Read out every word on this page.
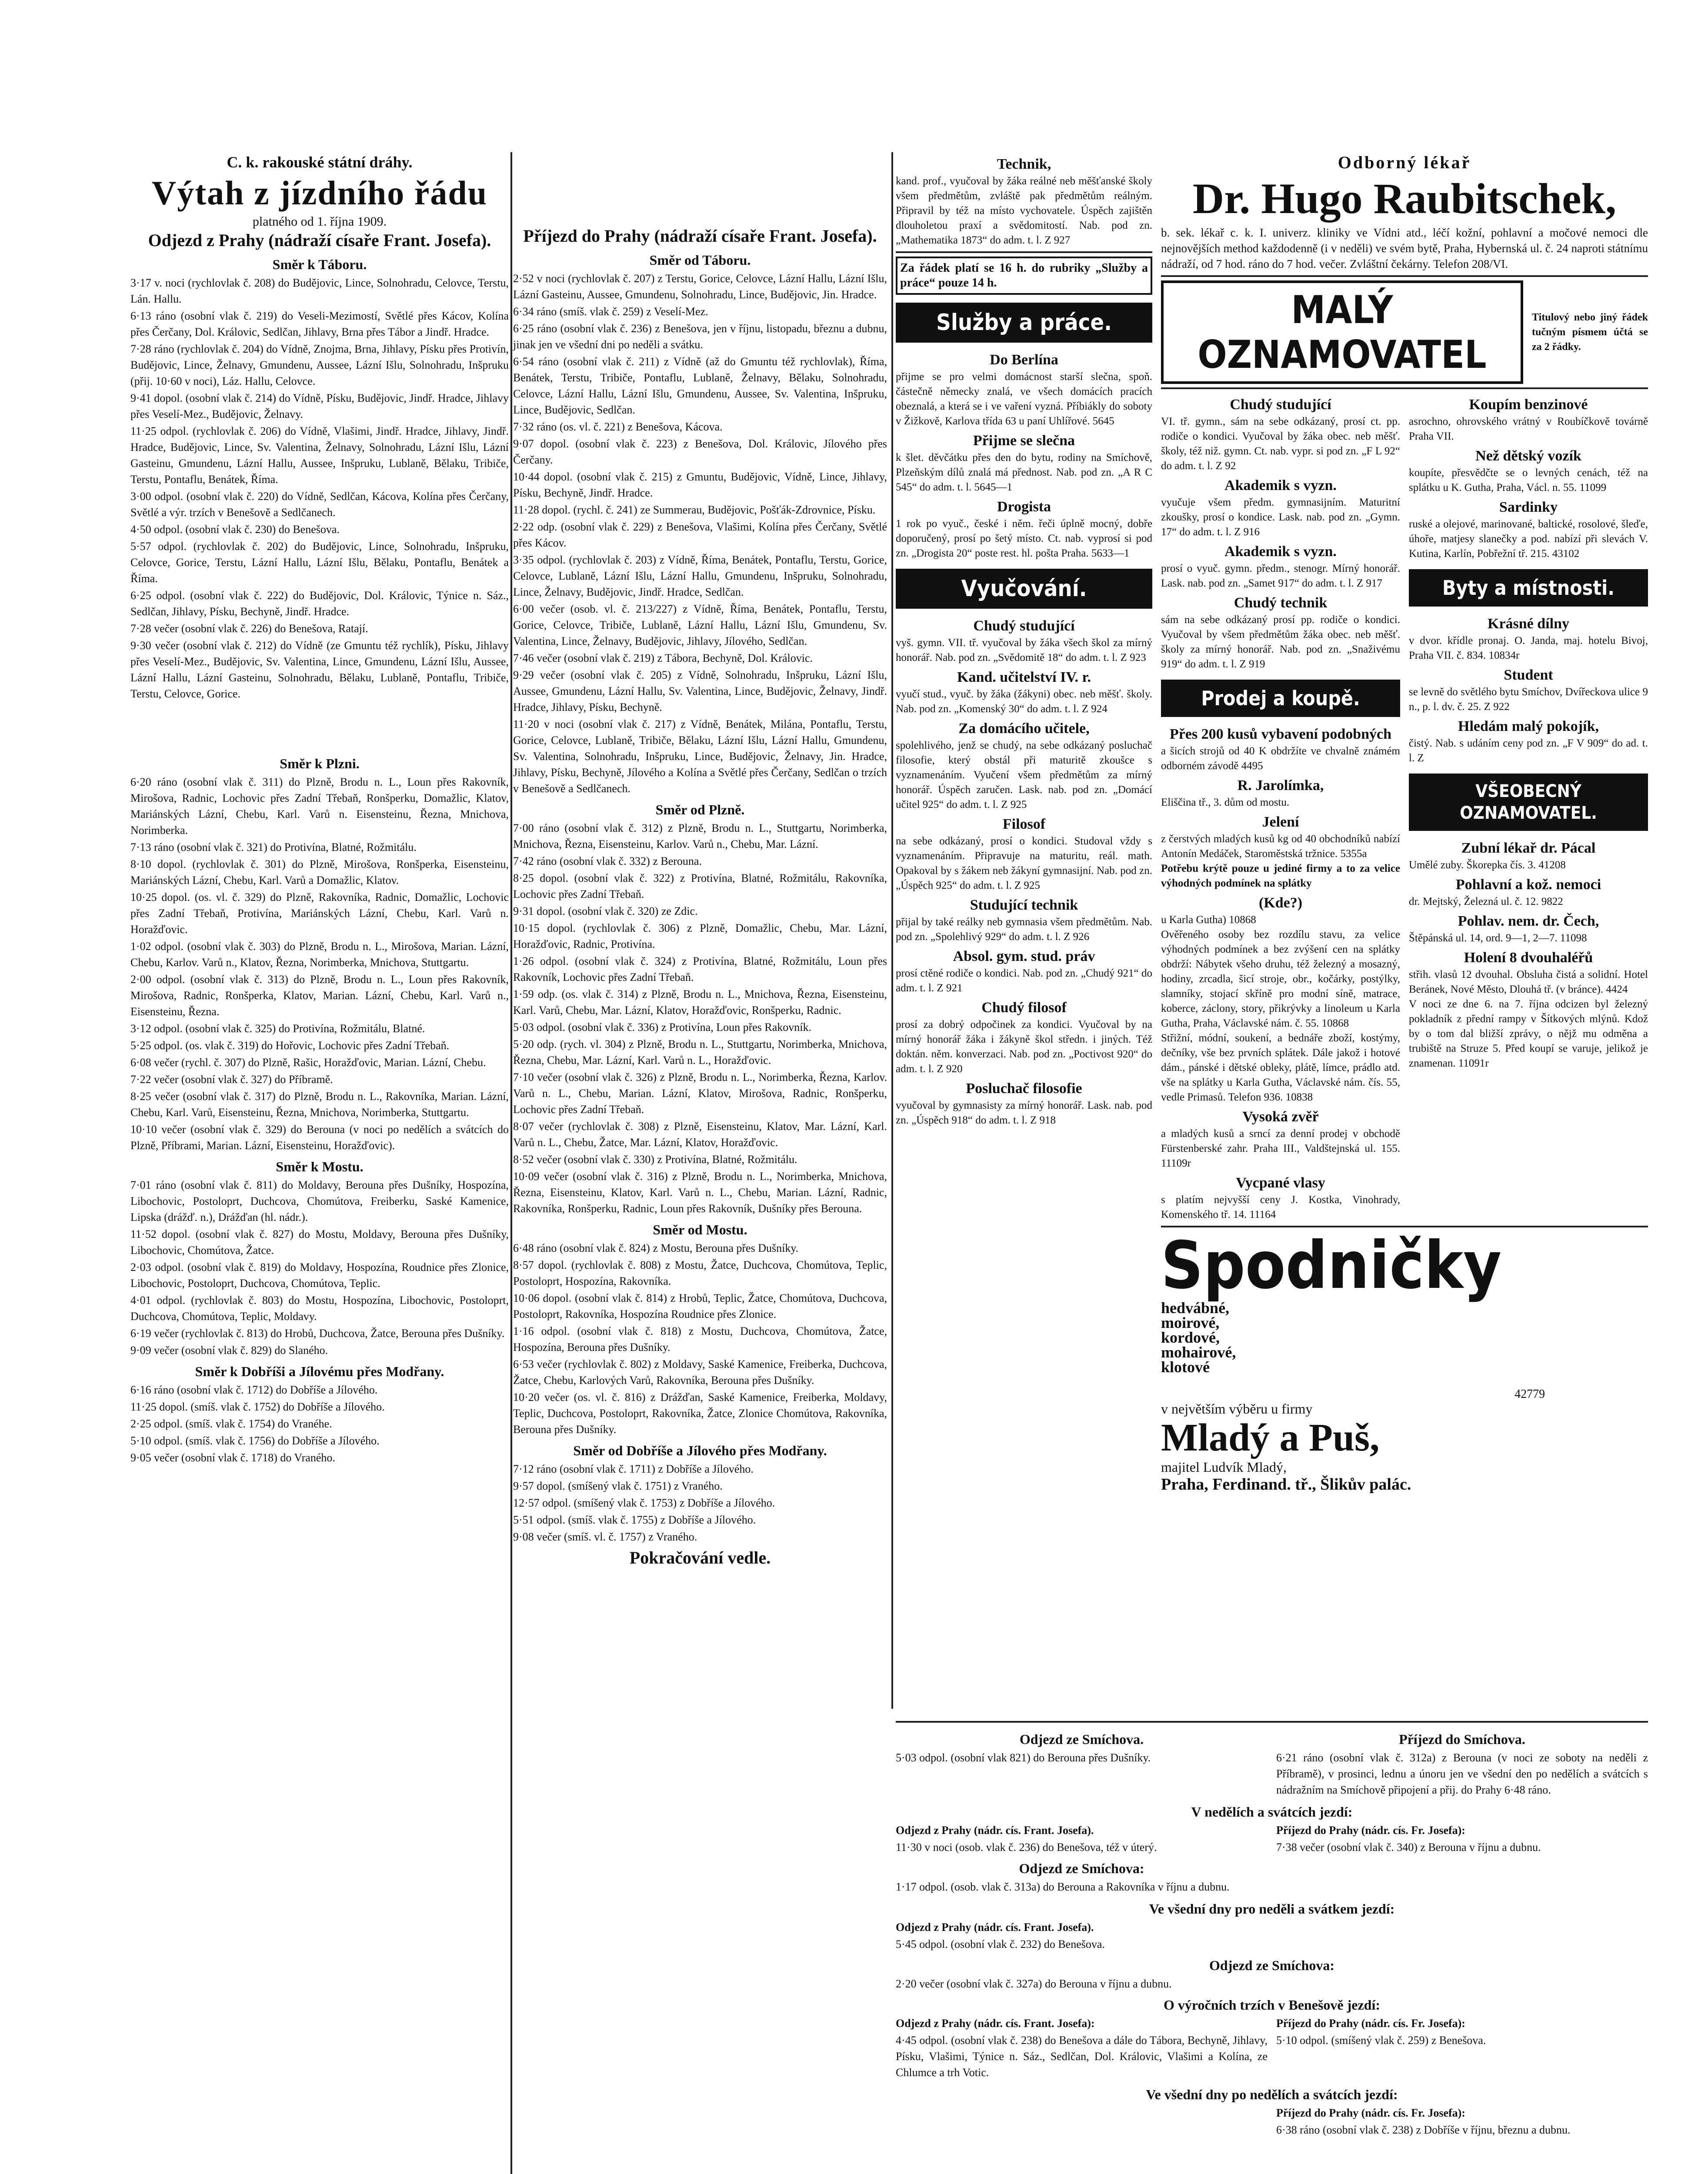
C. k. rakouské státní dráhy.
Výtah z jízdního řádu
platného od 1. října 1909.
Odjezd z Prahy (nádraží císaře Frant. Josefa).
Směr k Táboru.
3·17 v. noci (rychlovlak č. 208) do Budějovic, Lince, Solnohradu, Celovce, Terstu, Lán. Hallu.
6·13 ráno (osobní vlak č. 219) do Veseli-Mezimostí, Světlé přes Kácov, Kolína přes Čerčany, Dol. Královic, Sedlčan, Jihlavy, Brna přes Tábor a Jindř. Hradce.
7·28 ráno (rychlovlak č. 204) do Vídně, Znojma, Brna, Jihlavy, Písku přes Protivín, Budějovic, Lince, Želnavy, Gmundenu, Aussee, Lázní Išlu, Solnohradu, Inšpruku (přij. 10·60 v noci), Láz. Hallu, Celovce.
9·41 dopol. (osobní vlak č. 214) do Vídně, Písku, Budějovic, Jindř. Hradce, Jihlavy přes Veselí-Mez., Budějovic, Želnavy.
11·25 odpol. (rychlovlak č. 206) do Vídně, Vlašimi, Jindř. Hradce, Jihlavy, Jindř. Hradce, Budějovic, Lince, Sv. Valentina, Želnavy, Solnohradu, Lázní Išlu, Lázní Gasteinu, Gmundenu, Lázní Hallu, Aussee, Inšpruku, Lublaně, Bělaku, Tribiče, Terstu, Pontaflu, Benátek, Říma.
3·00 odpol. (osobní vlak č. 220) do Vídně, Sedlčan, Kácova, Kolína přes Čerčany, Světlé a výr. trzích v Benešově a Sedlčanech.
4·50 odpol. (osobní vlak č. 230) do Benešova.
5·57 odpol. (rychlovlak č. 202) do Budějovic, Lince, Solnohradu, Inšpruku, Celovce, Gorice, Terstu, Lázní Hallu, Lázní Išlu, Bělaku, Pontaflu, Benátek a Říma.
6·25 odpol. (osobní vlak č. 222) do Budějovic, Dol. Královic, Týnice n. Sáz., Sedlčan, Jihlavy, Písku, Bechyně, Jindř. Hradce.
7·28 večer (osobní vlak č. 226) do Benešova, Ratají.
9·30 večer (osobní vlak č. 212) do Vídně (ze Gmuntu též rychlík), Písku, Jihlavy přes Veselí-Mez., Budějovic, Sv. Valentina, Lince, Gmundenu, Lázní Išlu, Aussee, Lázní Hallu, Lázní Gasteinu, Solnohradu, Bělaku, Lublaně, Pontaflu, Tribiče, Terstu, Celovce, Gorice.
Směr k Plzni.
6·20 ráno (osobní vlak č. 311) do Plzně, Brodu n. L., Loun přes Rakovník, Mirošova, Radnic, Lochovic přes Zadní Třebaň, Ronšperku, Domažlic, Klatov, Mariánských Lázní, Chebu, Karl. Varů n. Eisensteinu, Řezna, Mnichova, Norimberka.
7·13 ráno (osobní vlak č. 321) do Protivína, Blatné, Rožmitálu.
8·10 dopol. (rychlovlak č. 301) do Plzně, Mirošova, Ronšperka, Eisensteinu, Mariánských Lázní, Chebu, Karl. Varů a Domažlic, Klatov.
10·25 dopol. (os. vl. č. 329) do Plzně, Rakovníka, Radnic, Domažlic, Lochovic přes Zadní Třebaň, Protivína, Mariánských Lázní, Chebu, Karl. Varů n. Horažďovic.
1·02 odpol. (osobní vlak č. 303) do Plzně, Brodu n. L., Mirošova, Marian. Lázní, Chebu, Karlov. Varů n., Klatov, Řezna, Norimberka, Mnichova, Stuttgartu.
2·00 odpol. (osobní vlak č. 313) do Plzně, Brodu n. L., Loun přes Rakovník, Mirošova, Radnic, Ronšperka, Klatov, Marian. Lázní, Chebu, Karl. Varů n., Eisensteinu, Řezna.
3·12 odpol. (osobní vlak č. 325) do Protivína, Rožmitálu, Blatné.
5·25 odpol. (os. vlak č. 319) do Hořovic, Lochovic přes Zadní Třebaň.
6·08 večer (rychl. č. 307) do Plzně, Rašic, Horažďovic, Marian. Lázní, Chebu.
7·22 večer (osobní vlak č. 327) do Příbramě.
8·25 večer (osobní vlak č. 317) do Plzně, Brodu n. L., Rakovníka, Marian. Lázní, Chebu, Karl. Varů, Eisensteinu, Řezna, Mnichova, Norimberka, Stuttgartu.
10·10 večer (osobní vlak č. 329) do Berouna (v noci po nedělích a svátcích do Plzně, Příbrami, Marian. Lázní, Eisensteinu, Horažďovic).
Směr k Mostu.
7·01 ráno (osobní vlak č. 811) do Moldavy, Berouna přes Dušníky, Hospozína, Libochovic, Postoloprt, Duchcova, Chomútova, Freiberku, Saské Kamenice, Lipska (drážď. n.), Drážďan (hl. nádr.).
11·52 dopol. (osobní vlak č. 827) do Mostu, Moldavy, Berouna přes Dušníky, Libochovic, Chomútova, Žatce.
2·03 odpol. (osobní vlak č. 819) do Moldavy, Hospozína, Roudnice přes Zlonice, Libochovic, Postoloprt, Duchcova, Chomútova, Teplic.
4·01 odpol. (rychlovlak č. 803) do Mostu, Hospozína, Libochovic, Postoloprt, Duchcova, Chomútova, Teplic, Moldavy.
6·19 večer (rychlovlak č. 813) do Hrobů, Duchcova, Žatce, Berouna přes Dušníky.
9·09 večer (osobní vlak č. 829) do Slaného.
Směr k Dobříši a Jílovému přes Modřany.
6·16 ráno (osobní vlak č. 1712) do Dobříše a Jílového.
11·25 dopol. (smíš. vlak č. 1752) do Dobříše a Jílového.
2·25 odpol. (smíš. vlak č. 1754) do Vranéhe.
5·10 odpol. (smíš. vlak č. 1756) do Dobříše a Jílového.
9·05 večer (osobní vlak č. 1718) do Vraného.
Příjezd do Prahy (nádraží císaře Frant. Josefa).
Směr od Táboru.
2·52 v noci (rychlovlak č. 207) z Terstu, Gorice, Celovce, Lázní Hallu, Lázní Išlu, Lázní Gasteinu, Aussee, Gmundenu, Solnohradu, Lince, Budějovic, Jin. Hradce.
6·34 ráno (smíš. vlak č. 259) z Veselí-Mez.
6·25 ráno (osobní vlak č. 236) z Benešova, jen v říjnu, listopadu, březnu a dubnu, jinak jen ve všední dni po neděli a svátku.
6·54 ráno (osobní vlak č. 211) z Vídně (až do Gmuntu též rychlovlak), Říma, Benátek, Terstu, Tribiče, Pontaflu, Lublaně, Želnavy, Bělaku, Solnohradu, Celovce, Lázní Hallu, Lázní Išlu, Gmundenu, Aussee, Sv. Valentina, Inšpruku, Lince, Budějovic, Sedlčan.
7·32 ráno (os. vl. č. 221) z Benešova, Kácova.
9·07 dopol. (osobní vlak č. 223) z Benešova, Dol. Královic, Jílového přes Čerčany.
10·44 dopol. (osobní vlak č. 215) z Gmuntu, Budějovic, Vídně, Lince, Jihlavy, Písku, Bechyně, Jindř. Hradce.
11·28 dopol. (rychl. č. 241) ze Summerau, Budějovic, Pošťák-Zdrovnice, Písku.
2·22 odp. (osobní vlak č. 229) z Benešova, Vlašimi, Kolína přes Čerčany, Světlé přes Kácov.
3·35 odpol. (rychlovlak č. 203) z Vídně, Říma, Benátek, Pontaflu, Terstu, Gorice, Celovce, Lublaně, Lázní Išlu, Lázní Hallu, Gmundenu, Inšpruku, Solnohradu, Lince, Želnavy, Budějovic, Jindř. Hradce, Sedlčan.
6·00 večer (osob. vl. č. 213/227) z Vídně, Říma, Benátek, Pontaflu, Terstu, Gorice, Celovce, Tribiče, Lublaně, Lázní Hallu, Lázní Išlu, Gmundenu, Sv. Valentina, Lince, Želnavy, Budějovic, Jihlavy, Jílového, Sedlčan.
7·46 večer (osobní vlak č. 219) z Tábora, Bechyně, Dol. Královic.
9·29 večer (osobní vlak č. 205) z Vídně, Solnohradu, Inšpruku, Lázní Išlu, Aussee, Gmundenu, Lázní Hallu, Sv. Valentina, Lince, Budějovic, Želnavy, Jindř. Hradce, Jihlavy, Písku, Bechyně.
11·20 v noci (osobní vlak č. 217) z Vídně, Benátek, Milána, Pontaflu, Terstu, Gorice, Celovce, Lublaně, Tribiče, Bělaku, Lázní Išlu, Lázní Hallu, Gmundenu, Sv. Valentina, Solnohradu, Inšpruku, Lince, Budějovic, Želnavy, Jin. Hradce, Jihlavy, Písku, Bechyně, Jílového a Kolína a Světlé přes Čerčany, Sedlčan o trzích v Benešově a Sedlčanech.
Směr od Plzně.
7·00 ráno (osobní vlak č. 312) z Plzně, Brodu n. L., Stuttgartu, Norimberka, Mnichova, Řezna, Eisensteinu, Karlov. Varů n., Chebu, Mar. Lázní.
7·42 ráno (osobní vlak č. 332) z Berouna.
8·25 dopol. (osobní vlak č. 322) z Protivína, Blatné, Rožmitálu, Rakovníka, Lochovic přes Zadní Třebaň.
9·31 dopol. (osobní vlak č. 320) ze Zdic.
10·15 dopol. (rychlovlak č. 306) z Plzně, Domažlic, Chebu, Mar. Lázní, Horažďovic, Radnic, Protivína.
1·26 odpol. (osobní vlak č. 324) z Protivína, Blatné, Rožmitálu, Loun přes Rakovník, Lochovic přes Zadní Třebaň.
1·59 odp. (os. vlak č. 314) z Plzně, Brodu n. L., Mnichova, Řezna, Eisensteinu, Karl. Varů, Chebu, Mar. Lázní, Klatov, Horažďovic, Ronšperku, Radnic.
5·03 odpol. (osobní vlak č. 336) z Protivína, Loun přes Rakovník.
5·20 odp. (rych. vl. 304) z Plzně, Brodu n. L., Stuttgartu, Norimberka, Mnichova, Řezna, Chebu, Mar. Lázní, Karl. Varů n. L., Horažďovic.
7·10 večer (osobní vlak č. 326) z Plzně, Brodu n. L., Norimberka, Řezna, Karlov. Varů n. L., Chebu, Marian. Lázní, Klatov, Mirošova, Radnic, Ronšperku, Lochovic přes Zadní Třebaň.
8·07 večer (rychlovlak č. 308) z Plzně, Eisensteinu, Klatov, Mar. Lázní, Karl. Varů n. L., Chebu, Žatce, Mar. Lázní, Klatov, Horažďovic.
8·52 večer (osobní vlak č. 330) z Protivína, Blatné, Rožmitálu.
10·09 večer (osobní vlak č. 316) z Plzně, Brodu n. L., Norimberka, Mnichova, Řezna, Eisensteinu, Klatov, Karl. Varů n. L., Chebu, Marian. Lázní, Radnic, Rakovníka, Ronšperku, Radnic, Loun přes Rakovník, Dušníky přes Berouna.
Směr od Mostu.
6·48 ráno (osobní vlak č. 824) z Mostu, Berouna přes Dušníky.
8·57 dopol. (rychlovlak č. 808) z Mostu, Žatce, Duchcova, Chomútova, Teplic, Postoloprt, Hospozína, Rakovníka.
10·06 dopol. (osobní vlak č. 814) z Hrobů, Teplic, Žatce, Chomútova, Duchcova, Postoloprt, Rakovníka, Hospozína Roudnice přes Zlonice.
1·16 odpol. (osobní vlak č. 818) z Mostu, Duchcova, Chomútova, Žatce, Hospozína, Berouna přes Dušníky.
6·53 večer (rychlovlak č. 802) z Moldavy, Saské Kamenice, Freiberka, Duchcova, Žatce, Chebu, Karlových Varů, Rakovníka, Berouna přes Dušníky.
10·20 večer (os. vl. č. 816) z Drážďan, Saské Kamenice, Freiberka, Moldavy, Teplic, Duchcova, Postoloprt, Rakovníka, Žatce, Zlonice Chomútova, Rakovníka, Berouna přes Dušníky.
Směr od Dobříše a Jílového přes Modřany.
7·12 ráno (osobní vlak č. 1711) z Dobříše a Jílového.
9·57 dopol. (smíšený vlak č. 1751) z Vraného.
12·57 odpol. (smíšený vlak č. 1753) z Dobříše a Jílového.
5·51 odpol. (smíš. vlak č. 1755) z Dobříše a Jílového.
9·08 večer (smíš. vl. č. 1757) z Vraného.
Pokračování vedle.
Technik,
kand. prof., vyučoval by žáka reálné neb měšťanské školy všem předmětům, zvláště pak předmětům reálným. Připravil by též na místo vychovatele. Úspěch zajištěn dlouholetou praxí a svědomitostí. Nab. pod zn. „Mathematika 1873“ do adm. t. l. Z 927
Za řádek platí se 16 h. do rubriky „Služby a práce“ pouze 14 h.
Služby a práce.
Do Berlína
přijme se pro velmi domácnost starší slečna, spoň. částečně německy znalá, ve všech domácích pracích obeznalá, a která se i ve vaření vyzná. Příbiákly do soboty v Žižkově, Karlova třída 63 u paní Uhlířové. 5645
Přijme se slečna
k šlet. děvčátku přes den do bytu, rodiny na Smíchově, Plzeňským dílů znalá má přednost. Nab. pod zn. „A R C 545“ do adm. t. l. 5645—1
Drogista
1 rok po vyuč., české i něm. řeči úplně mocný, dobře doporučený, prosí po šetý místo. Ct. nab. vyprosí si pod zn. „Drogista 20“ poste rest. hl. pošta Praha. 5633—1
Vyučování.
Chudý studující
vyš. gymn. VII. tř. vyučoval by žáka všech škol za mírný honorář. Nab. pod zn. „Svědomitě 18“ do adm. t. l. Z 923
Kand. učitelství IV. r.
vyučí stud., vyuč. by žáka (žákyni) obec. neb měšť. školy. Nab. pod zn. „Komenský 30“ do adm. t. l. Z 924
Za domácího učitele,
spolehlivého, jenž se chudý, na sebe odkázaný posluchač filosofie, který obstál při maturitě zkoušce s vyznamenáním. Vyučení všem předmětům za mírný honorář. Úspěch zaručen. Lask. nab. pod zn. „Domácí učitel 925“ do adm. t. l. Z 925
Filosof
na sebe odkázaný, prosí o kondici. Studoval vždy s vyznamenáním. Připravuje na maturitu, reál. math. Opakoval by s žákem neb žákyní gymnasijní. Nab. pod zn. „Úspěch 925“ do adm. t. l. Z 925
Studující technik
přijal by také reálky neb gymnasia všem předmětům. Nab. pod zn. „Spolehlivý 929“ do adm. t. l. Z 926
Absol. gym. stud. práv
prosí ctěné rodiče o kondici. Nab. pod zn. „Chudý 921“ do adm. t. l. Z 921
Chudý filosof
prosí za dobrý odpočinek za kondici. Vyučoval by na mírný honorář žáka i žákyně škol středn. i jiných. Též doktán. něm. konverzaci. Nab. pod zn. „Poctivost 920“ do adm. t. l. Z 920
Posluchač filosofie
vyučoval by gymnasisty za mírný honorář. Lask. nab. pod zn. „Úspěch 918“ do adm. t. l. Z 918
Odborný lékař
Dr. Hugo Raubitschek,
b. sek. lékař c. k. I. univerz. kliniky ve Vídni atd., léčí kožní, pohlavní a močové nemoci dle nejnovějších method každodenně (i v neděli) ve svém bytě, Praha, Hybernská ul. č. 24 naproti státnímu nádraží, od 7 hod. ráno do 7 hod. večer. Zvláštní čekárny. Telefon 208/VI.
MALÝ OZNAMOVATEL
Titulový nebo jiný řádek tučným písmem účtá se za 2 řádky.
Chudý studující
VI. tř. gymn., sám na sebe odkázaný, prosí ct. pp. rodiče o kondici. Vyučoval by žáka obec. neb měšť. školy, též niž. gymn. Ct. nab. vypr. si pod zn. „F L 92“ do adm. t. l. Z 92
Akademik s vyzn.
vyučuje všem předm. gymnasijním. Maturitní zkoušky, prosí o kondice. Lask. nab. pod zn. „Gymn. 17“ do adm. t. l. Z 916
Akademik s vyzn.
prosí o vyuč. gymn. předm., stenogr. Mírný honorář. Lask. nab. pod zn. „Samet 917“ do adm. t. l. Z 917
Chudý technik
sám na sebe odkázaný prosí pp. rodiče o kondici. Vyučoval by všem předmětům žáka obec. neb měšť. školy za mírný honorář. Nab. pod zn. „Snaživému 919“ do adm. t. l. Z 919
Prodej a koupě.
Přes 200 kusů vybavení podobných
a šicích strojů od 40 K obdržíte ve chvalně známém odborném závodě 4495
R. Jarolímka,
Eliščina tř., 3. dům od mostu.
Jelení
z čerstvých mladých kusů kg od 40 obchodníků nabízí Antonín Medáček, Staroměstská tržnice. 5355a
Potřebu krýtě pouze u jediné firmy a to za velice výhodných podmínek na splátky
(Kde?)
u Karla Gutha) 10868
Ověřeného osoby bez rozdílu stavu, za velice výhodných podmínek a bez zvýšení cen na splátky obdrží: Nábytek všeho druhu, též železný a mosazný, hodiny, zrcadla, šicí stroje, obr., kočárky, postýlky, slamníky, stojací skříně pro modní síně, matrace, koberce, záclony, story, přikrývky a linoleum u Karla Gutha, Praha, Václavské nám. č. 55. 10868
Střižní, módní, soukení, a bednáře zboží, kostýmy, dečníky, vše bez prvních splátek. Dále jakož i hotové dám., pánské i dětské obleky, plátě, límce, prádlo atd. vše na splátky u Karla Gutha, Václavské nám. čís. 55, vedle Primasů. Telefon 936. 10838
Vysoká zvěř
a mladých kusů a srncí za denní prodej v obchodě Fürstenberské zahr. Praha III., Valdštejnská ul. 155. 11109r
Vycpané vlasy
s platím nejvyšší ceny J. Kostka, Vinohrady, Komenského tř. 14. 11164
Koupím benzinové
asrochno, ohrovského vrátný v Roubíčkově továrně Praha VII.
Než dětský vozík
koupíte, přesvědčte se o levných cenách, též na splátku u K. Gutha, Praha, Václ. n. 55. 11099
Sardinky
ruské a olejové, marinované, baltické, rosolové, šleďe, úhoře, matjesy slanečky a pod. nabízí při slevách V. Kutina, Karlín, Pobřežní tř. 215. 43102
Byty a místnosti.
Krásné dílny
v dvor. křídle pronaj. O. Janda, maj. hotelu Bivoj, Praha VII. č. 834. 10834r
Student
se levně do světlého bytu Smíchov, Dvířeckova ulice 9 n., p. l. dv. č. 25. Z 922
Hledám malý pokojík,
čistý. Nab. s udáním ceny pod zn. „F V 909“ do ad. t. l. Z
VŠEOBECNÝ OZNAMOVATEL.
Zubní lékař dr. Pácal
Umělé zuby. Škorepka čís. 3. 41208
Pohlavní a kož. nemoci
dr. Mejtský, Železná ul. č. 12. 9822
Pohlav. nem. dr. Čech,
Štěpánská ul. 14, ord. 9—1, 2—7. 11098
Holení 8 dvouhaléřů
střih. vlasů 12 dvouhal. Obsluha čistá a solidní. Hotel Beránek, Nové Město, Dlouhá tř. (v bránce). 4424
V noci ze dne 6. na 7. října odcizen byl železný pokladník z přední rampy v Šítkových mlýnů. Kdož by o tom dal bližší zprávy, o nějž mu odměna a trubiště na Struze 5. Před koupí se varuje, jelikož je znamenan. 11091r
Spodničky
hedvábné,
moirové,
kordové,
mohairové,
klotové
42779
v největším výběru u firmy
Mladý a Puš,
majitel Ludvík Mladý,
Praha, Ferdinand. tř., Šlikův palác.
Odjezd ze Smíchova.
5·03 odpol. (osobní vlak 821) do Berouna přes Dušníky.
Příjezd do Smíchova.
6·21 ráno (osobní vlak č. 312a) z Berouna (v noci ze soboty na neděli z Příbramě), v prosinci, lednu a únoru jen ve všední den po nedělích a svátcích s nádražním na Smíchově připojení a přij. do Prahy 6·48 ráno.
V nedělích a svátcích jezdí:
Odjezd z Prahy (nádr. cís. Frant. Josefa).
11·30 v noci (osob. vlak č. 236) do Benešova, též v úterý.
Odjezd ze Smíchova:
1·17 odpol. (osob. vlak č. 313a) do Berouna a Rakovníka v říjnu a dubnu.
Příjezd do Prahy (nádr. cís. Fr. Josefa):
7·38 večer (osobní vlak č. 340) z Berouna v říjnu a dubnu.
Ve všední dny pro neděli a svátkem jezdí:
Odjezd z Prahy (nádr. cís. Frant. Josefa).
5·45 odpol. (osobní vlak č. 232) do Benešova.
Odjezd ze Smíchova:
2·20 večer (osobní vlak č. 327a) do Berouna v říjnu a dubnu.
O výročních trzích v Benešově jezdí:
Odjezd z Prahy (nádr. cís. Frant. Josefa):
4·45 odpol. (osobní vlak č. 238) do Benešova a dále do Tábora, Bechyně, Jihlavy, Písku, Vlašimi, Týnice n. Sáz., Sedlčan, Dol. Královic, Vlašimi a Kolína, ze Chlumce a trh Votic.
Příjezd do Prahy (nádr. cís. Fr. Josefa):
5·10 odpol. (smíšený vlak č. 259) z Benešova.
Ve všední dny po nedělích a svátcích jezdí:
Příjezd do Prahy (nádr. cís. Fr. Josefa):
6·38 ráno (osobní vlak č. 238) z Dobříše v říjnu, březnu a dubnu.
